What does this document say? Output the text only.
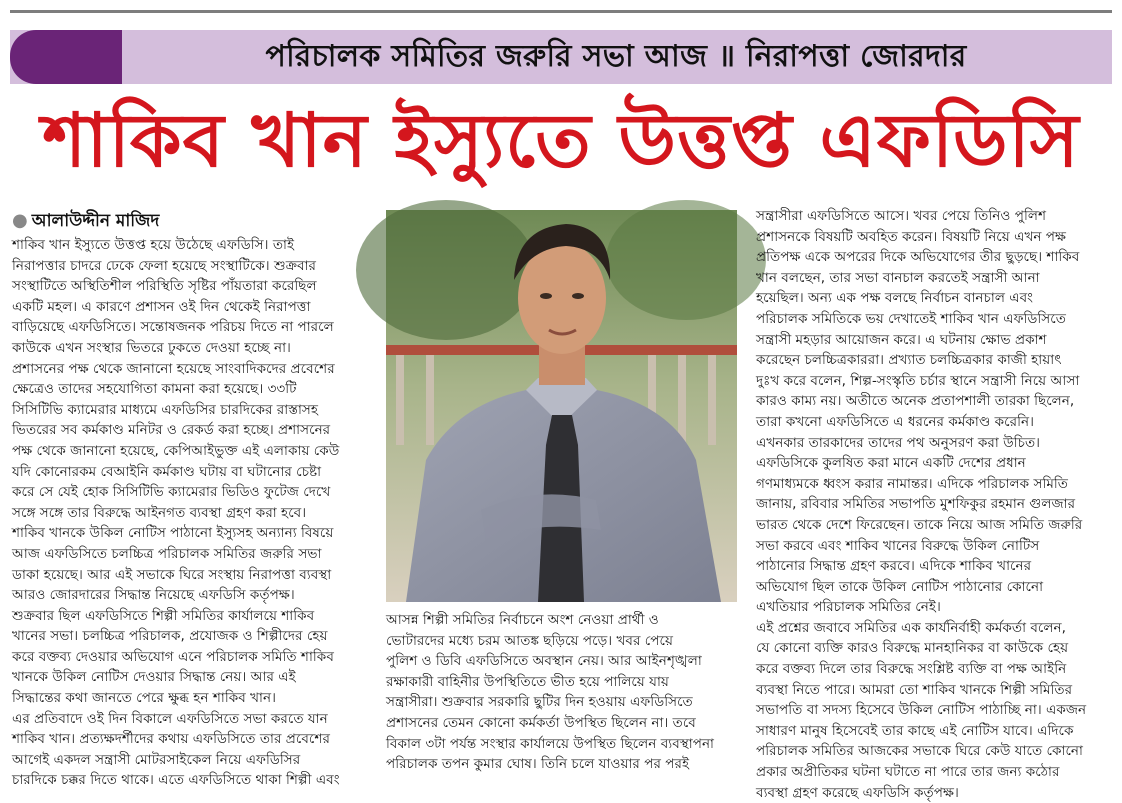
পরিচালক সমিতির জরুরি সভা আজ ॥ নিরাপত্তা জোরদার
শাকিব খান ইস্যুতে উত্তপ্ত এফডিসি
● আলাউদ্দীন মাজিদ
শাকিব খান ইস্যুতে উত্তপ্ত হয়ে উঠেছে এফডিসি। তাই
নিরাপত্তার চাদরে ঢেকে ফেলা হয়েছে সংস্থাটিকে। শুক্রবার
সংস্থাটিতে অস্থিতিশীল পরিস্থিতি সৃষ্টির পাঁয়তারা করেছিল
একটি মহল। এ কারণে প্রশাসন ওই দিন থেকেই নিরাপত্তা
বাড়িয়েছে এফডিসিতে। সন্তোষজনক পরিচয় দিতে না পারলে
কাউকে এখন সংস্থার ভিতরে ঢুকতে দেওয়া হচ্ছে না।
প্রশাসনের পক্ষ থেকে জানানো হয়েছে সাংবাদিকদের প্রবেশের
ক্ষেত্রেও তাদের সহযোগিতা কামনা করা হয়েছে। ৩৩টি
সিসিটিভি ক্যামেরার মাধ্যমে এফডিসির চারদিকের রাস্তাসহ
ভিতরের সব কর্মকাণ্ড মনিটর ও রেকর্ড করা হচ্ছে। প্রশাসনের
পক্ষ থেকে জানানো হয়েছে, কেপিআইভুক্ত এই এলাকায় কেউ
যদি কোনোরকম বেআইনি কর্মকাণ্ড ঘটায় বা ঘটানোর চেষ্টা
করে সে যেই হোক সিসিটিভি ক্যামেরার ভিডিও ফুটেজ দেখে
সঙ্গে সঙ্গে তার বিরুদ্ধে আইনগত ব্যবস্থা গ্রহণ করা হবে।
শাকিব খানকে উকিল নোটিস পাঠানো ইস্যুসহ অন্যান্য বিষয়ে
আজ এফডিসিতে চলচ্চিত্র পরিচালক সমিতির জরুরি সভা
ডাকা হয়েছে। আর এই সভাকে ঘিরে সংস্থায় নিরাপত্তা ব্যবস্থা
আরও জোরদারের সিদ্ধান্ত নিয়েছে এফডিসি কর্তৃপক্ষ।
শুক্রবার ছিল এফডিসিতে শিল্পী সমিতির কার্যালয়ে শাকিব
খানের সভা। চলচ্চিত্র পরিচালক, প্রযোজক ও শিল্পীদের হেয়
করে বক্তব্য দেওয়ার অভিযোগ এনে পরিচালক সমিতি শাকিব
খানকে উকিল নোটিস দেওয়ার সিদ্ধান্ত নেয়। আর এই
সিদ্ধান্তের কথা জানতে পেরে ক্ষুব্ধ হন শাকিব খান।
এর প্রতিবাদে ওই দিন বিকালে এফডিসিতে সভা করতে যান
শাকিব খান। প্রত্যক্ষদর্শীদের কথায় এফডিসিতে তার প্রবেশের
আগেই একদল সন্ত্রাসী মোটরসাইকেল নিয়ে এফডিসির
চারদিকে চক্কর দিতে থাকে। এতে এফডিসিতে থাকা শিল্পী এবং
আসন্ন শিল্পী সমিতির নির্বাচনে অংশ নেওয়া প্রার্থী ও
ভোটারদের মধ্যে চরম আতঙ্ক ছড়িয়ে পড়ে। খবর পেয়ে
পুলিশ ও ডিবি এফডিসিতে অবস্থান নেয়। আর আইনশৃঙ্খলা
রক্ষাকারী বাহিনীর উপস্থিতিতে ভীত হয়ে পালিয়ে যায়
সন্ত্রাসীরা। শুক্রবার সরকারি ছুটির দিন হওয়ায় এফডিসিতে
প্রশাসনের তেমন কোনো কর্মকর্তা উপস্থিত ছিলেন না। তবে
বিকাল ৩টা পর্যন্ত সংস্থার কার্যালয়ে উপস্থিত ছিলেন ব্যবস্থাপনা
পরিচালক তপন কুমার ঘোষ। তিনি চলে যাওয়ার পর পরই
সন্ত্রাসীরা এফডিসিতে আসে। খবর পেয়ে তিনিও পুলিশ
প্রশাসনকে বিষয়টি অবহিত করেন। বিষয়টি নিয়ে এখন পক্ষ
প্রতিপক্ষ একে অপরের দিকে অভিযোগের তীর ছুড়ছে। শাকিব
খান বলছেন, তার সভা বানচাল করতেই সন্ত্রাসী আনা
হয়েছিল। অন্য এক পক্ষ বলছে নির্বাচন বানচাল এবং
পরিচালক সমিতিকে ভয় দেখাতেই শাকিব খান এফডিসিতে
সন্ত্রাসী মহড়ার আয়োজন করে। এ ঘটনায় ক্ষোভ প্রকাশ
করেছেন চলচ্চিত্রকাররা। প্রখ্যাত চলচ্চিত্রকার কাজী হায়াৎ
দুঃখ করে বলেন, শিল্প-সংস্কৃতি চর্চার স্থানে সন্ত্রাসী নিয়ে আসা
কারও কাম্য নয়। অতীতে অনেক প্রতাপশালী তারকা ছিলেন,
তারা কখনো এফডিসিতে এ ধরনের কর্মকাণ্ড করেনি।
এখনকার তারকাদের তাদের পথ অনুসরণ করা উচিত।
এফডিসিকে কুলষিত করা মানে একটি দেশের প্রধান
গণমাধ্যমকে ধ্বংস করার নামান্তর। এদিকে পরিচালক সমিতি
জানায়, রবিবার সমিতির সভাপতি মুশফিকুর রহমান গুলজার
ভারত থেকে দেশে ফিরেছেন। তাকে নিয়ে আজ সমিতি জরুরি
সভা করবে এবং শাকিব খানের বিরুদ্ধে উকিল নোটিস
পাঠানোর সিদ্ধান্ত গ্রহণ করবে। এদিকে শাকিব খানের
অভিযোগ ছিল তাকে উকিল নোটিস পাঠানোর কোনো
এখতিয়ার পরিচালক সমিতির নেই।
এই প্রশ্নের জবাবে সমিতির এক কার্যনির্বাহী কর্মকর্তা বলেন,
যে কোনো ব্যক্তি কারও বিরুদ্ধে মানহানিকর বা কাউকে হেয়
করে বক্তব্য দিলে তার বিরুদ্ধে সংশ্লিষ্ট ব্যক্তি বা পক্ষ আইনি
ব্যবস্থা নিতে পারে। আমরা তো শাকিব খানকে শিল্পী সমিতির
সভাপতি বা সদস্য হিসেবে উকিল নোটিস পাঠাচ্ছি না। একজন
সাধারণ মানুষ হিসেবেই তার কাছে এই নোটিস যাবে। এদিকে
পরিচালক সমিতির আজকের সভাকে ঘিরে কেউ যাতে কোনো
প্রকার অপ্রীতিকর ঘটনা ঘটাতে না পারে তার জন্য কঠোর
ব্যবস্থা গ্রহণ করেছে এফডিসি কর্তৃপক্ষ।
